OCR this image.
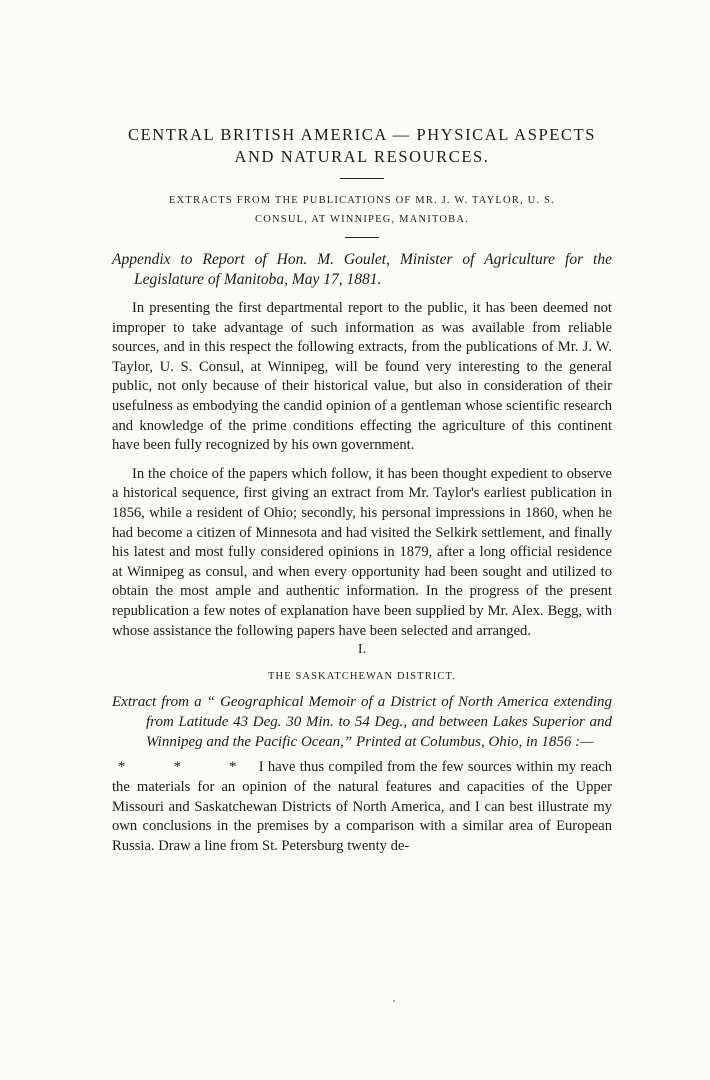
CENTRAL BRITISH AMERICA — PHYSICAL ASPECTS
AND NATURAL RESOURCES.

EXTRACTS FROM THE PUBLICATIONS OF MR. J. W. TAYLOR, U. S.
CONSUL, AT WINNIPEG, MANITOBA.

Appendix to Report of Hon. M. Goulet, Minister of Agriculture for the Legislature of Manitoba, May 17, 1881.

In presenting the first departmental report to the public, it has been deemed not improper to take advantage of such information as was available from reliable sources, and in this respect the following extracts, from the publications of Mr. J. W. Taylor, U. S. Consul, at Winnipeg, will be found very interesting to the general public, not only because of their historical value, but also in consideration of their usefulness as embodying the candid opinion of a gentleman whose scientific research and knowledge of the prime conditions effecting the agriculture of this continent have been fully recognized by his own government.

In the choice of the papers which follow, it has been thought expedient to observe a historical sequence, first giving an extract from Mr. Taylor's earliest publication in 1856, while a resident of Ohio; secondly, his personal impressions in 1860, when he had become a citizen of Minnesota and had visited the Selkirk settlement, and finally his latest and most fully considered opinions in 1879, after a long official residence at Winnipeg as consul, and when every opportunity had been sought and utilized to obtain the most ample and authentic information. In the progress of the present republication a few notes of explanation have been supplied by Mr. Alex. Begg, with whose assistance the following papers have been selected and arranged.

I.

THE SASKATCHEWAN DISTRICT.

Extract from a “ Geographical Memoir of a District of North America extending from Latitude 43 Deg. 30 Min. to 54 Deg., and between Lakes Superior and Winnipeg and the Pacific Ocean,” Printed at Columbus, Ohio, in 1856 :—

* * * I have thus compiled from the few sources within my reach the materials for an opinion of the natural features and capacities of the Upper Missouri and Saskatchewan Districts of North America, and I can best illustrate my own conclusions in the premises by a comparison with a similar area of European Russia. Draw a line from St. Petersburg twenty de-
